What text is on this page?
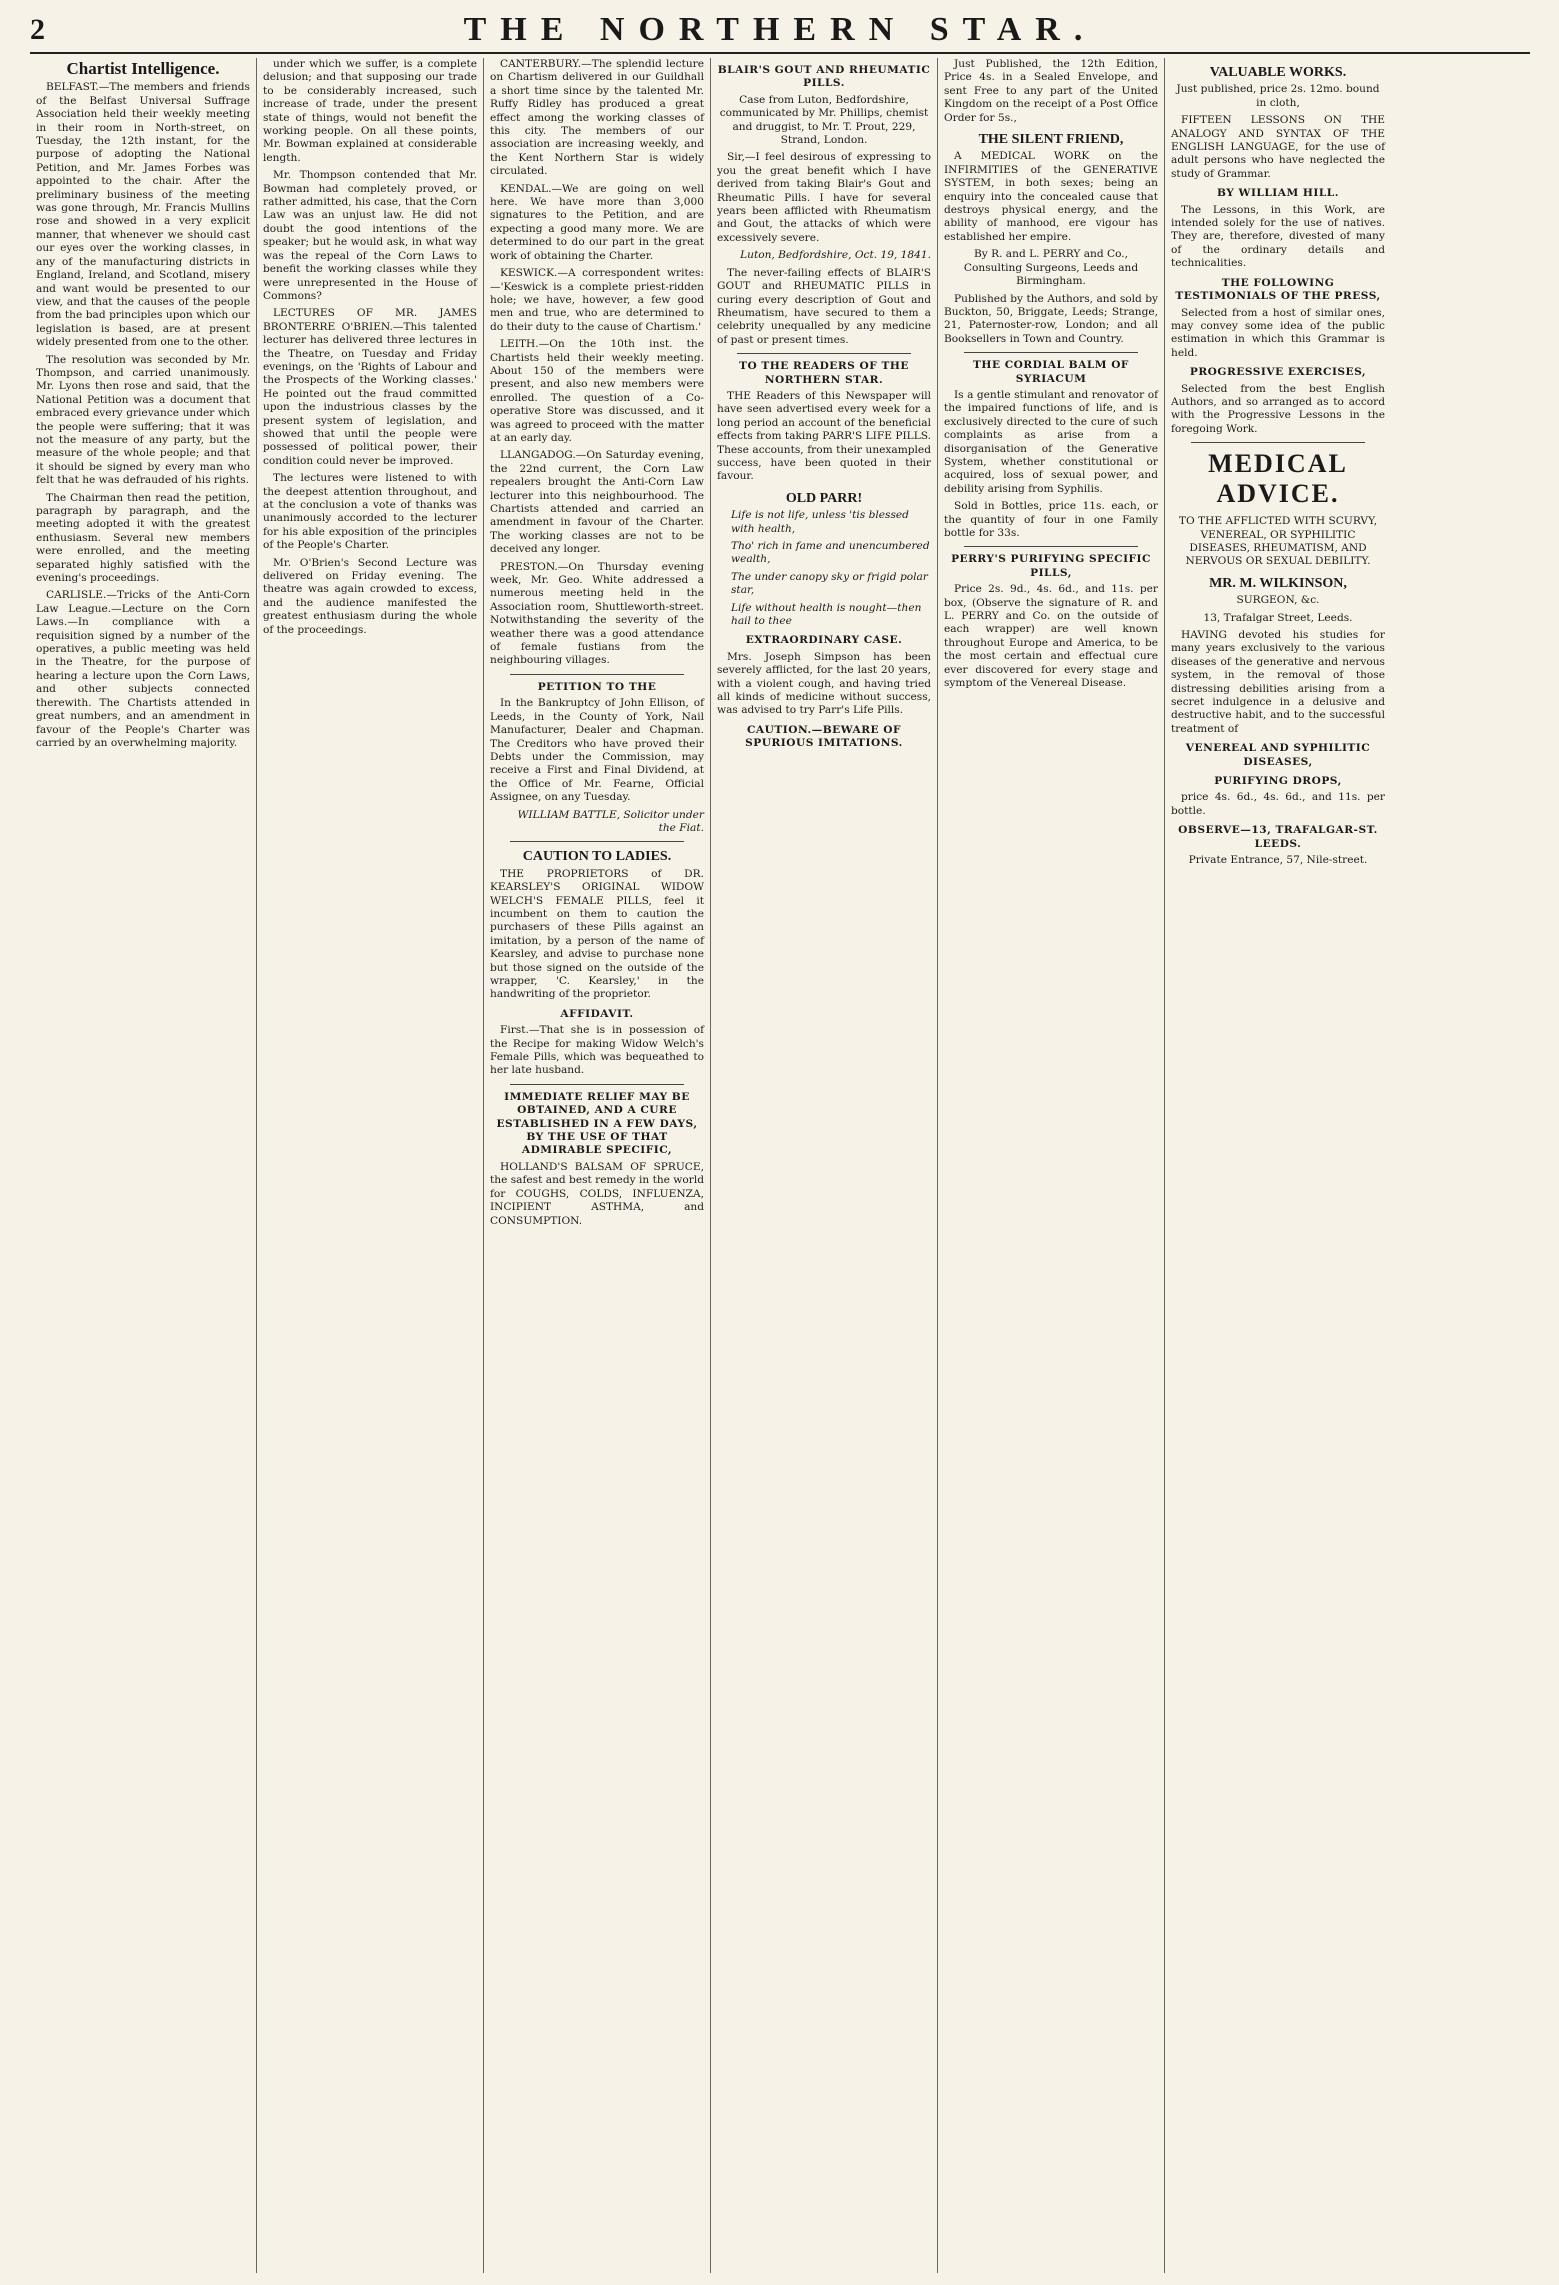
2	THE NORTHERN STAR.
Chartist Intelligence.

BELFAST.—The members and friends of the Belfast Universal Suffrage Association held their weekly meeting in their room in North-street, on Tuesday, the 12th instant, for the purpose of adopting the National Petition, and Mr. James Forbes was appointed to the chair. After the preliminary business of the meeting was gone through, Mr. Francis Mullins rose and showed in a very explicit manner, that whenever we should cast our eyes over the working classes, in any of the manufacturing districts in England, Ireland, and Scotland, misery and want would be presented to our view, and that the causes of the people from the bad principles upon which our legislation is based, are at present widely presented from one to the other.

The resolution was seconded by Mr. Thompson, and carried unanimously. Mr. Lyons then rose and said, that the National Petition was a document that embraced every grievance under which the people were suffering; that it was not the measure of any party, but the measure of the whole people; and that it should be signed by every man who felt that he was defrauded of his rights.

The Chairman then read the petition, paragraph by paragraph, and the meeting adopted it with the greatest enthusiasm. Several new members were enrolled, and the meeting separated highly satisfied with the evening's proceedings.

CARLISLE.—Tricks of the Anti-Corn Law League.—Lecture on the Corn Laws.—In compliance with a requisition signed by a number of the operatives, a public meeting was held in the Theatre, for the purpose of hearing a lecture upon the Corn Laws, and other subjects connected therewith. The Chartists attended in great numbers, and an amendment in favour of the People's Charter was carried by an overwhelming majority.

under which we suffer, is a complete delusion; and that supposing our trade to be considerably increased, such increase of trade, under the present state of things, would not benefit the working people. On all these points, Mr. Bowman explained at considerable length.

Mr. Thompson contended that Mr. Bowman had completely proved, or rather admitted, his case, that the Corn Law was an unjust law. He did not doubt the good intentions of the speaker; but he would ask, in what way was the repeal of the Corn Laws to benefit the working classes while they were unrepresented in the House of Commons?

LECTURES OF MR. JAMES BRONTERRE O'BRIEN.—This talented lecturer has delivered three lectures in the Theatre, on Tuesday and Friday evenings, on the 'Rights of Labour and the Prospects of the Working classes.' He pointed out the fraud committed upon the industrious classes by the present system of legislation, and showed that until the people were possessed of political power, their condition could never be improved.

The lectures were listened to with the deepest attention throughout, and at the conclusion a vote of thanks was unanimously accorded to the lecturer for his able exposition of the principles of the People's Charter.

Mr. O'Brien's Second Lecture was delivered on Friday evening. The theatre was again crowded to excess, and the audience manifested the greatest enthusiasm during the whole of the proceedings.

CANTERBURY.—The splendid lecture on Chartism delivered in our Guildhall a short time since by the talented Mr. Ruffy Ridley has produced a great effect among the working classes of this city. The members of our association are increasing weekly, and the Kent Northern Star is widely circulated.

KENDAL.—We are going on well here. We have more than 3,000 signatures to the Petition, and are expecting a good many more. We are determined to do our part in the great work of obtaining the Charter.

KESWICK.—A correspondent writes:—'Keswick is a complete priest-ridden hole; we have, however, a few good men and true, who are determined to do their duty to the cause of Chartism.'

LEITH.—On the 10th inst. the Chartists held their weekly meeting. About 150 of the members were present, and also new members were enrolled. The question of a Co-operative Store was discussed, and it was agreed to proceed with the matter at an early day.

LLANGADOG.—On Saturday evening, the 22nd current, the Corn Law repealers brought the Anti-Corn Law lecturer into this neighbourhood. The Chartists attended and carried an amendment in favour of the Charter. The working classes are not to be deceived any longer.

PRESTON.—On Thursday evening week, Mr. Geo. White addressed a numerous meeting held in the Association room, Shuttleworth-street. Notwithstanding the severity of the weather there was a good attendance of female fustians from the neighbouring villages.

PETITION TO THE

In the Bankruptcy of John Ellison, of Leeds, in the County of York, Nail Manufacturer, Dealer and Chapman. The Creditors who have proved their Debts under the Commission, may receive a First and Final Dividend, at the Office of Mr. Fearne, Official Assignee, on any Tuesday.

WILLIAM BATTLE, Solicitor under the Fiat.

CAUTION TO LADIES.

THE PROPRIETORS of DR. KEARSLEY'S ORIGINAL WIDOW WELCH'S FEMALE PILLS, feel it incumbent on them to caution the purchasers of these Pills against an imitation, by a person of the name of Kearsley, and advise to purchase none but those signed on the outside of the wrapper, 'C. Kearsley,' in the handwriting of the proprietor.

AFFIDAVIT.

First.—That she is in possession of the Recipe for making Widow Welch's Female Pills, which was bequeathed to her late husband.

IMMEDIATE RELIEF MAY BE OBTAINED, AND A CURE ESTABLISHED IN A FEW DAYS, BY THE USE OF THAT ADMIRABLE SPECIFIC,

HOLLAND'S BALSAM OF SPRUCE, the safest and best remedy in the world for COUGHS, COLDS, INFLUENZA, INCIPIENT ASTHMA, and CONSUMPTION.

BLAIR'S GOUT AND RHEUMATIC PILLS.

Case from Luton, Bedfordshire, communicated by Mr. Phillips, chemist and druggist, to Mr. T. Prout, 229, Strand, London.

Sir,—I feel desirous of expressing to you the great benefit which I have derived from taking Blair's Gout and Rheumatic Pills. I have for several years been afflicted with Rheumatism and Gout, the attacks of which were excessively severe.

Luton, Bedfordshire, Oct. 19, 1841.

The never-failing effects of BLAIR'S GOUT and RHEUMATIC PILLS in curing every description of Gout and Rheumatism, have secured to them a celebrity unequalled by any medicine of past or present times.

TO THE READERS OF THE NORTHERN STAR.

THE Readers of this Newspaper will have seen advertised every week for a long period an account of the beneficial effects from taking PARR'S LIFE PILLS. These accounts, from their unexampled success, have been quoted in their favour.

OLD PARR!

Life is not life, unless 'tis blessed with health,

Tho' rich in fame and unencumbered wealth,

The under canopy sky or frigid polar star,

Life without health is nought—then hail to thee

EXTRAORDINARY CASE.

Mrs. Joseph Simpson has been severely afflicted, for the last 20 years, with a violent cough, and having tried all kinds of medicine without success, was advised to try Parr's Life Pills.

CAUTION.—BEWARE OF SPURIOUS IMITATIONS.

Just Published, the 12th Edition, Price 4s. in a Sealed Envelope, and sent Free to any part of the United Kingdom on the receipt of a Post Office Order for 5s.,

THE SILENT FRIEND,

A MEDICAL WORK on the INFIRMITIES of the GENERATIVE SYSTEM, in both sexes; being an enquiry into the concealed cause that destroys physical energy, and the ability of manhood, ere vigour has established her empire.

By R. and L. PERRY and Co., Consulting Surgeons, Leeds and Birmingham.

Published by the Authors, and sold by Buckton, 50, Briggate, Leeds; Strange, 21, Paternoster-row, London; and all Booksellers in Town and Country.

THE CORDIAL BALM OF SYRIACUM

Is a gentle stimulant and renovator of the impaired functions of life, and is exclusively directed to the cure of such complaints as arise from a disorganisation of the Generative System, whether constitutional or acquired, loss of sexual power, and debility arising from Syphilis.

Sold in Bottles, price 11s. each, or the quantity of four in one Family bottle for 33s.

PERRY'S PURIFYING SPECIFIC PILLS,

Price 2s. 9d., 4s. 6d., and 11s. per box, (Observe the signature of R. and L. PERRY and Co. on the outside of each wrapper) are well known throughout Europe and America, to be the most certain and effectual cure ever discovered for every stage and symptom of the Venereal Disease.

VALUABLE WORKS.

Just published, price 2s. 12mo. bound in cloth,

FIFTEEN LESSONS ON THE ANALOGY AND SYNTAX OF THE ENGLISH LANGUAGE, for the use of adult persons who have neglected the study of Grammar.

BY WILLIAM HILL.

The Lessons, in this Work, are intended solely for the use of natives. They are, therefore, divested of many of the ordinary details and technicalities.

THE FOLLOWING TESTIMONIALS OF THE PRESS,

Selected from a host of similar ones, may convey some idea of the public estimation in which this Grammar is held.

PROGRESSIVE EXERCISES,

Selected from the best English Authors, and so arranged as to accord with the Progressive Lessons in the foregoing Work.

MEDICAL ADVICE.

TO THE AFFLICTED WITH SCURVY, VENEREAL, OR SYPHILITIC DISEASES, RHEUMATISM, AND NERVOUS OR SEXUAL DEBILITY.

MR. M. WILKINSON,

SURGEON, &c.

13, Trafalgar Street, Leeds.

HAVING devoted his studies for many years exclusively to the various diseases of the generative and nervous system, in the removal of those distressing debilities arising from a secret indulgence in a delusive and destructive habit, and to the successful treatment of

VENEREAL AND SYPHILITIC DISEASES,
PURIFYING DROPS,

price 4s. 6d., 4s. 6d., and 11s. per bottle.

OBSERVE—13, TRAFALGAR-ST. LEEDS.

Private Entrance, 57, Nile-street.
